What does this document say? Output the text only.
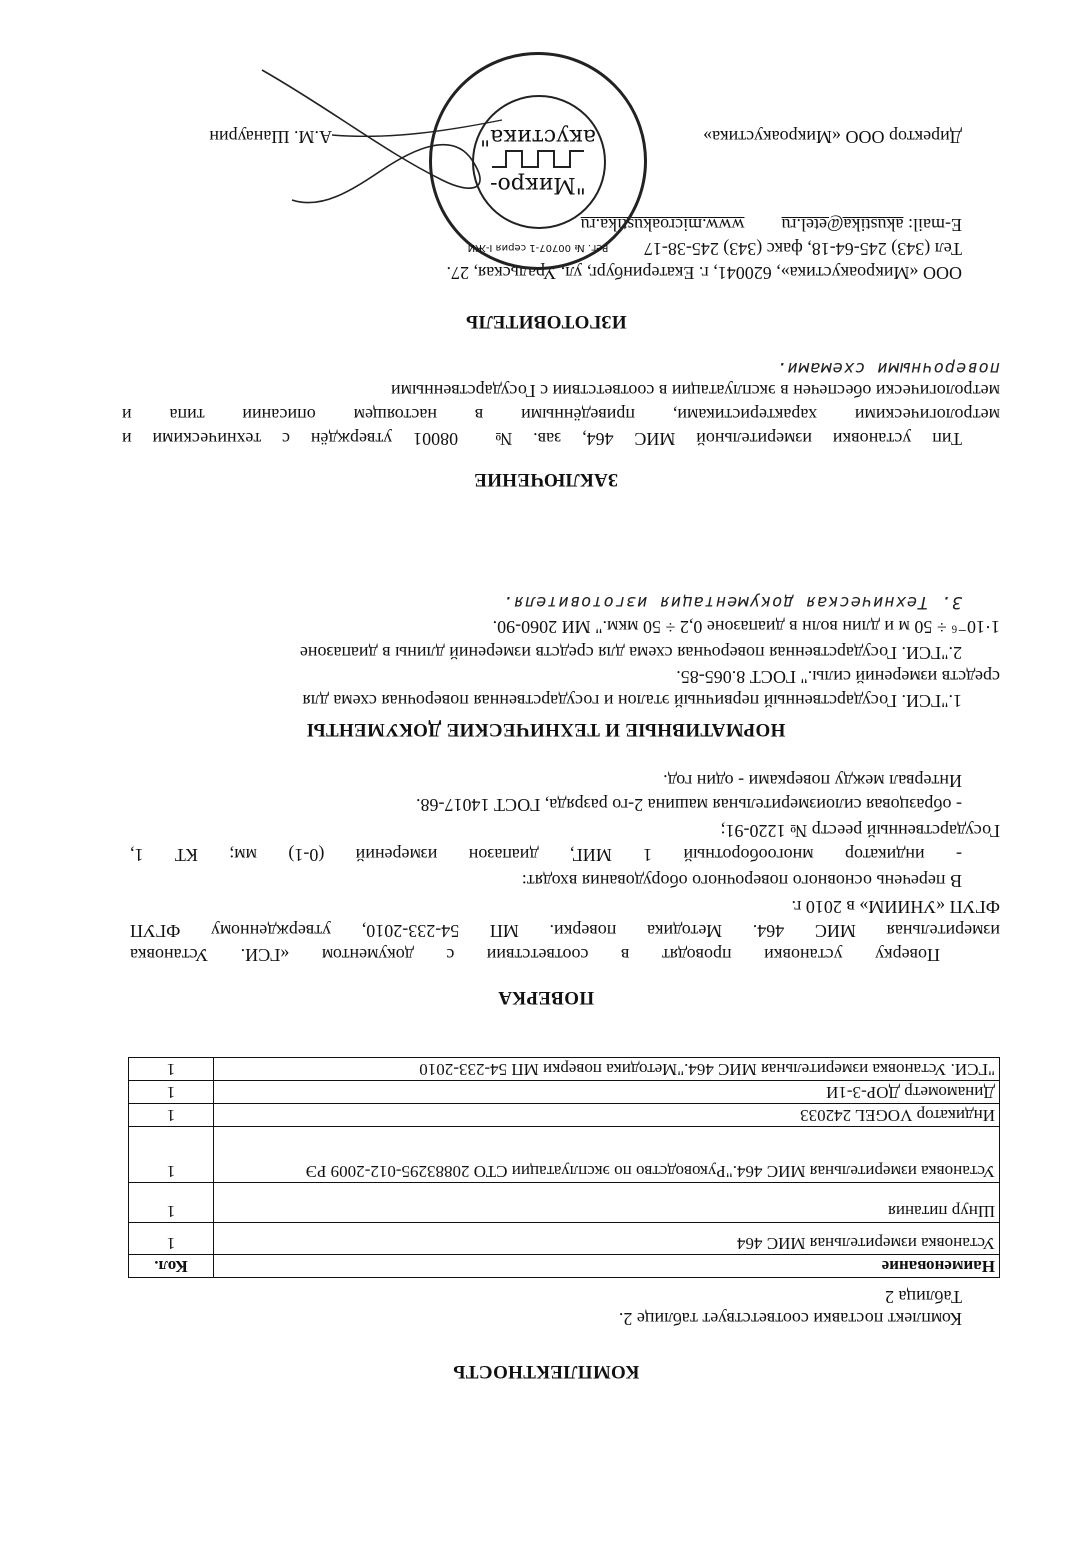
КОМПЛЕКТНОСТЬ
Комплект поставки соответствует таблице 2.
Таблица 2
Наименование	Кол.
Установка измерительная МИС 464	1
Шнур питания	1
Установка измерительная МИС 464."Руководство по эксплуатации СТО 20883295-012-2009 РЭ	1
Индикатор VOGEL 242033	1
Динамометр ДОР-3-1И	1
"ГСИ. Установка измерительная МИС 464."Методика поверки МП 54-233-2010	1
ПОВЕРКА
Поверку установки проводят в соответствии с документом «ГСИ. Установка
измерительная МИС 464. Методика поверки. МП 54-233-2010, утвержденному ФГУП
ФГУП «УНИИМ» в 2010 г.
В перечень основного поверочного оборудования входят:
- индикатор многооборотный 1 МИГ, диапазон измерений (0-1) мм; КТ 1,
Государственный реестр № 1220-91;
- образцовая силоизмерительная машина 2-го разряда, ГОСТ 14017-68.
Интервал между поверками - один год.
НОРМАТИВНЫЕ И ТЕХНИЧЕСКИЕ ДОКУМЕНТЫ
1."ГСИ. Государственный первичный эталон и государственная поверочная схема для
средств измерений силы." ГОСТ 8.065-85.
2."ГСИ. Государственная поверочная схема для средств измерений длины в диапазоне
1·10⁻⁶ ÷ 50 м и длин волн в диапазоне 0,2 ÷ 50 мкм." МИ 2060-90.
3. Техническая документация изготовителя.
ЗАКЛЮЧЕНИЕ
Тип установки измерительной МИС 464, зав. № 08001 утверждён с техническими и
метрологическими характеристиками, приведёнными в настоящем описании типа и
метрологически обеспечен в эксплуатации в соответствии с Государственными
поверочными схемами.
ИЗГОТОВИТЕЛЬ
ООО «Микроакустика», 620041, г. Екатеринбург, ул. Уральская, 27.
Тел (343) 245-64-18, факс (343) 245-38-17
E-mail: akustika@etel.ru  www.microakustika.ru
Директор ООО «Микроакустика»
А.М. Шанаурин
Рег. № 00707-1 серия I-ЖИ
"Микро-
акустика"
